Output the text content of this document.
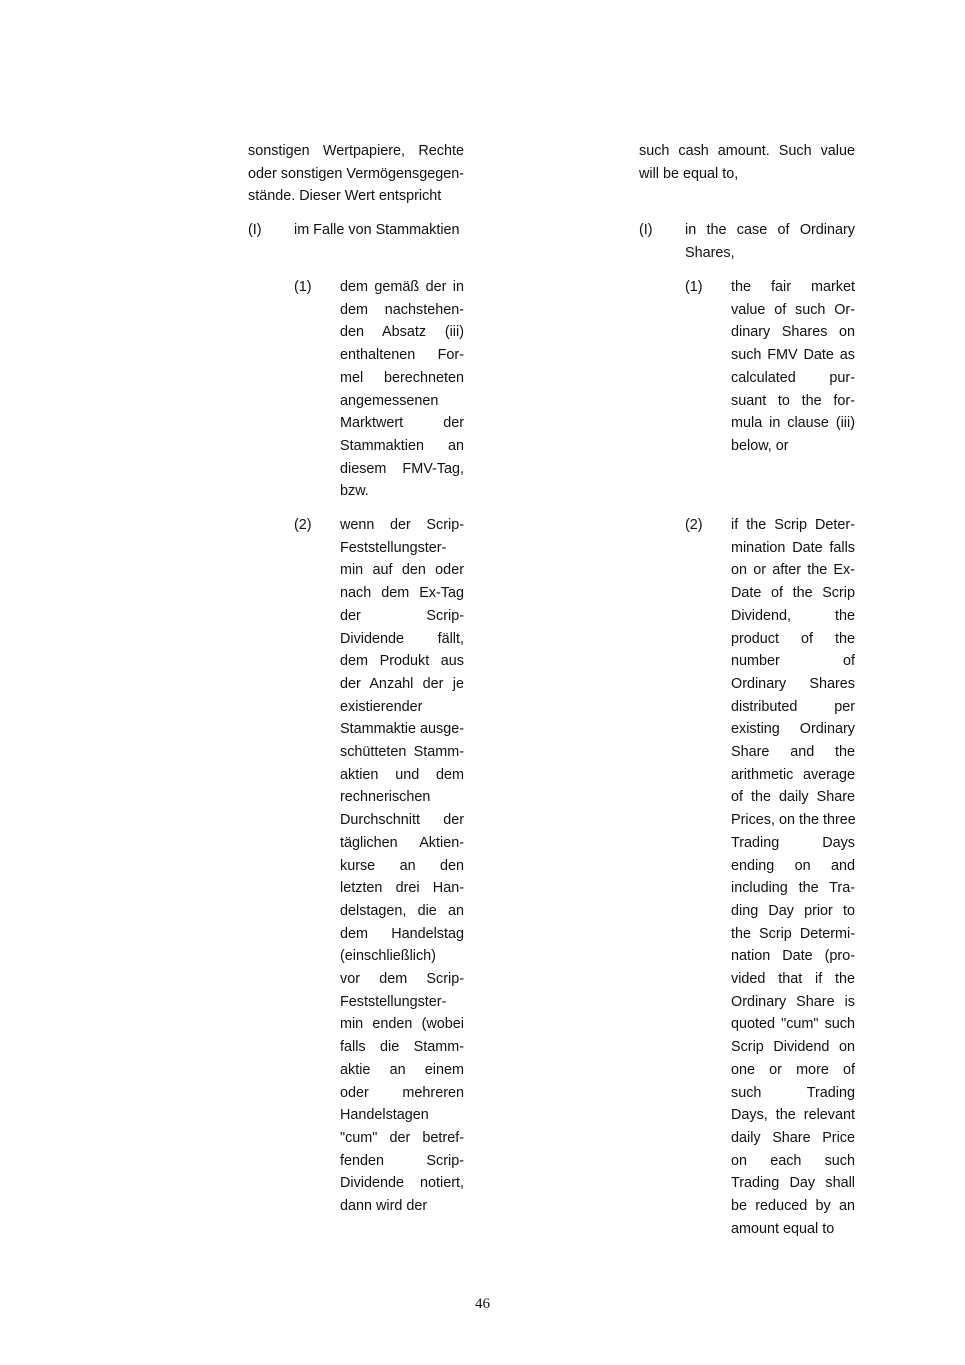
sonstigen Wertpapiere, Rechte
oder sonstigen Vermögensgegen-
stände. Dieser Wert entspricht
(I) im Falle von Stammaktien
(1) dem gemäß der in
dem nachstehen-
den Absatz (iii)
enthaltenen For-
mel berechneten
angemessenen
Marktwert der
Stammaktien an
diesem FMV-Tag,
bzw.
(2) wenn der Scrip-
Feststellungster-
min auf den oder
nach dem Ex-Tag
der Scrip-
Dividende fällt,
dem Produkt aus
der Anzahl der je
existierender
Stammaktie ausge-
schütteten Stamm-
aktien und dem
rechnerischen
Durchschnitt der
täglichen Aktien-
kurse an den
letzten drei Han-
delstagen, die an
dem Handelstag
(einschließlich)
vor dem Scrip-
Feststellungster-
min enden (wobei
falls die Stamm-
aktie an einem
oder mehreren
Handelstagen
"cum" der betref-
fenden Scrip-
Dividende notiert,
dann wird der
such cash amount. Such value
will be equal to,
(I) in the case of Ordinary
Shares,
(1) the fair market
value of such Or-
dinary Shares on
such FMV Date as
calculated pur-
suant to the for-
mula in clause (iii)
below, or
(2) if the Scrip Deter-
mination Date falls
on or after the Ex-
Date of the Scrip
Dividend, the
product of the
number of
Ordinary Shares
distributed per
existing Ordinary
Share and the
arithmetic average
of the daily Share
Prices, on the three
Trading Days
ending on and
including the Tra-
ding Day prior to
the Scrip Determi-
nation Date (pro-
vided that if the
Ordinary Share is
quoted "cum" such
Scrip Dividend on
one or more of
such Trading
Days, the relevant
daily Share Price
on each such
Trading Day shall
be reduced by an
amount equal to
46
